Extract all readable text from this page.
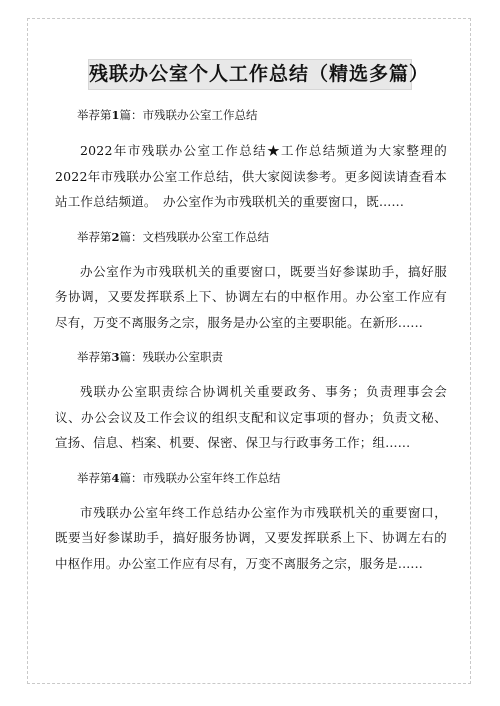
残联办公室个人工作总结（精选多篇）

举荐第1篇：市残联办公室工作总结

2022年市残联办公室工作总结★工作总结频道为大家整理的2022年市残联办公室工作总结，供大家阅读参考。更多阅读请查看本站工作总结频道。　办公室作为市残联机关的重要窗口，既......

举荐第2篇：文档残联办公室工作总结

办公室作为市残联机关的重要窗口，既要当好参谋助手，搞好服务协调，又要发挥联系上下、协调左右的中枢作用。办公室工作应有尽有，万变不离服务之宗，服务是办公室的主要职能。在新形......

举荐第3篇：残联办公室职责

残联办公室职责综合协调机关重要政务、事务；负责理事会会议、办公会议及工作会议的组织支配和议定事项的督办；负责文秘、宣扬、信息、档案、机要、保密、保卫与行政事务工作；组......

举荐第4篇：市残联办公室年终工作总结

市残联办公室年终工作总结办公室作为市残联机关的重要窗口，既要当好参谋助手，搞好服务协调，又要发挥联系上下、协调左右的中枢作用。办公室工作应有尽有，万变不离服务之宗，服务是......
